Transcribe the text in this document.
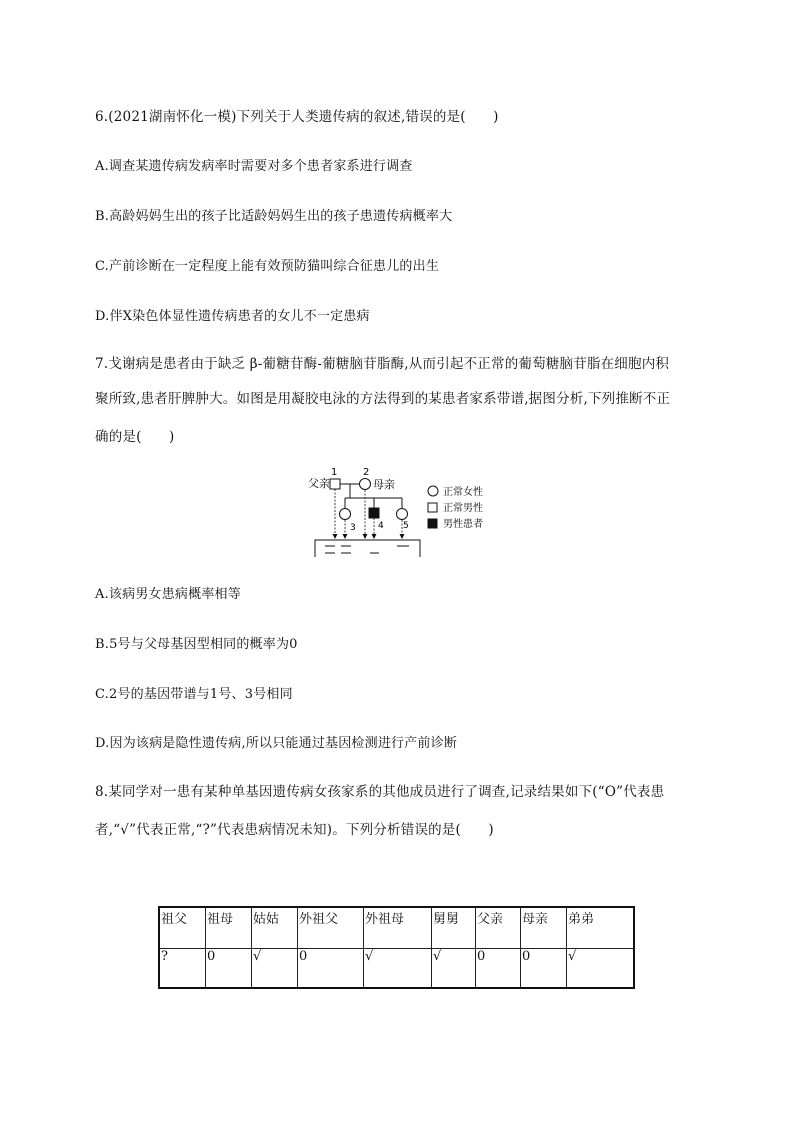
6.(2021湖南怀化一模)下列关于人类遗传病的叙述,错误的是(　　)
A.调查某遗传病发病率时需要对多个患者家系进行调查
B.高龄妈妈生出的孩子比适龄妈妈生出的孩子患遗传病概率大
C.产前诊断在一定程度上能有效预防猫叫综合征患儿的出生
D.伴X染色体显性遗传病患者的女儿不一定患病
7.戈谢病是患者由于缺乏 β-葡糖苷酶-葡糖脑苷脂酶,从而引起不正常的葡萄糖脑苷脂在细胞内积
聚所致,患者肝脾肿大。如图是用凝胶电泳的方法得到的某患者家系带谱,据图分析,下列推断不正
确的是(　　)
父亲
1	2
母亲
3 4 5
正常女性
正常男性
男性患者
A.该病男女患病概率相等
B.5号与父母基因型相同的概率为0
C.2号的基因带谱与1号、3号相同
D.因为该病是隐性遗传病,所以只能通过基因检测进行产前诊断
8.某同学对一患有某种单基因遗传病女孩家系的其他成员进行了调查,记录结果如下(“O”代表患
者,“√”代表正常,“?”代表患病情况未知)。下列分析错误的是(　　)
祖父	祖母	姑姑	外祖父	外祖母	舅舅	父亲	母亲	弟弟
?	0	√	0	√	√	0	0	√
